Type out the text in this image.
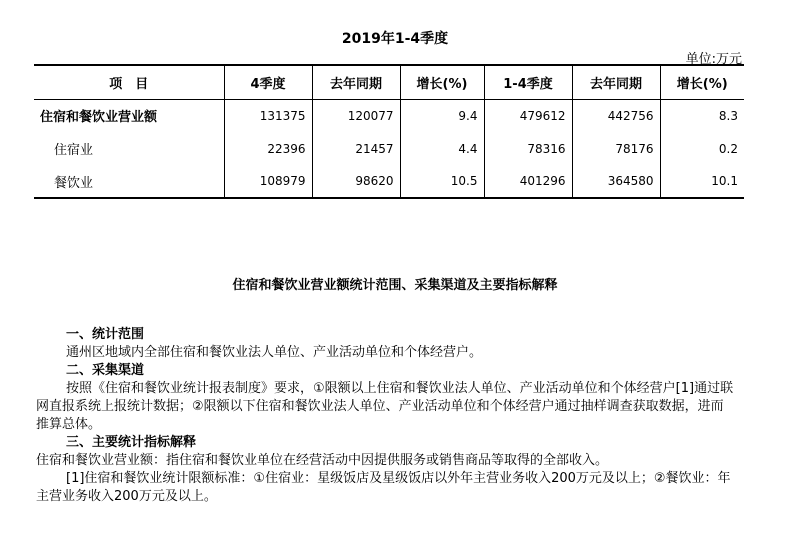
2019年1-4季度
单位:万元
项　目	4季度	去年同期	增长(%)	1-4季度	去年同期	增长(%)
住宿和餐饮业营业额	131375	120077	9.4	479612	442756	8.3
住宿业	22396	21457	4.4	78316	78176	0.2
餐饮业	108979	98620	10.5	401296	364580	10.1
住宿和餐饮业营业额统计范围、采集渠道及主要指标解释
一、统计范围
通州区地域内全部住宿和餐饮业法人单位、产业活动单位和个体经营户。
二、采集渠道
按照《住宿和餐饮业统计报表制度》要求，①限额以上住宿和餐饮业法人单位、产业活动单位和个体经营户[1]通过联网直报系统上报统计数据；②限额以下住宿和餐饮业法人单位、产业活动单位和个体经营户通过抽样调查获取数据，进而推算总体。
三、主要统计指标解释
住宿和餐饮业营业额：指住宿和餐饮业单位在经营活动中因提供服务或销售商品等取得的全部收入。
[1]住宿和餐饮业统计限额标准：①住宿业：星级饭店及星级饭店以外年主营业务收入200万元及以上；②餐饮业：年主营业务收入200万元及以上。
